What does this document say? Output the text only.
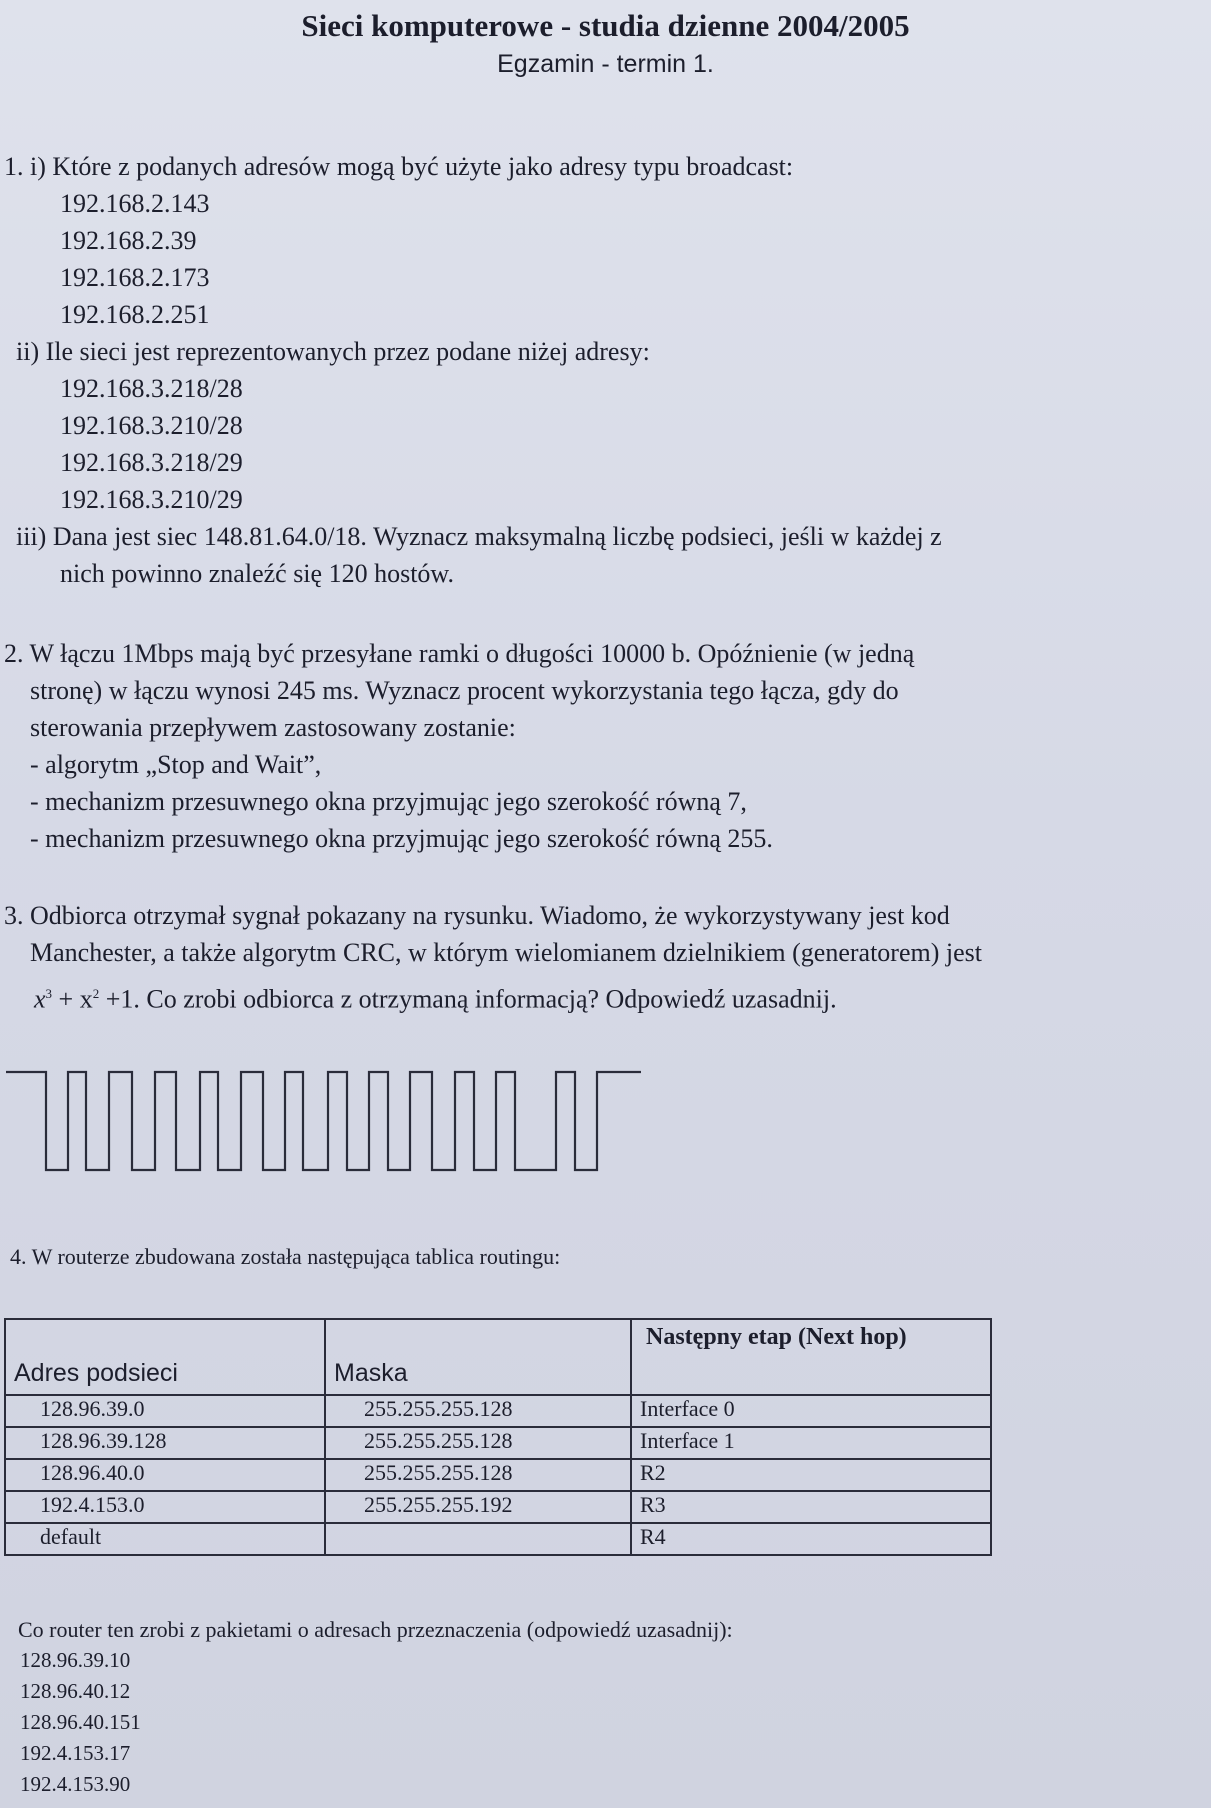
Sieci komputerowe - studia dzienne 2004/2005
Egzamin - termin 1.
1. i) Które z podanych adresów mogą być użyte jako adresy typu broadcast:
192.168.2.143
192.168.2.39
192.168.2.173
192.168.2.251
ii) Ile sieci jest reprezentowanych przez podane niżej adresy:
192.168.3.218/28
192.168.3.210/28
192.168.3.218/29
192.168.3.210/29
iii) Dana jest siec 148.81.64.0/18. Wyznacz maksymalną liczbę podsieci, jeśli w każdej z
nich powinno znaleźć się 120 hostów.
2. W łączu 1Mbps mają być przesyłane ramki o długości 10000 b. Opóźnienie (w jedną
stronę) w łączu wynosi 245 ms. Wyznacz procent wykorzystania tego łącza, gdy do
sterowania przepływem zastosowany zostanie:
- algorytm „Stop and Wait”,
- mechanizm przesuwnego okna przyjmując jego szerokość równą 7,
- mechanizm przesuwnego okna przyjmując jego szerokość równą 255.
3. Odbiorca otrzymał sygnał pokazany na rysunku. Wiadomo, że wykorzystywany jest kod
Manchester, a także algorytm CRC, w którym wielomianem dzielnikiem (generatorem) jest
$x^3 + x^2 +1$. Co zrobi odbiorca z otrzymaną informacją? Odpowiedź uzasadnij.
4. W routerze zbudowana została następująca tablica routingu:
Adres podsieci	Maska	Następny etap (Next hop)
128.96.39.0	255.255.255.128	Interface 0
128.96.39.128	255.255.255.128	Interface 1
128.96.40.0	255.255.255.128	R2
192.4.153.0	255.255.255.192	R3
default		R4
Co router ten zrobi z pakietami o adresach przeznaczenia (odpowiedź uzasadnij):
128.96.39.10
128.96.40.12
128.96.40.151
192.4.153.17
192.4.153.90
